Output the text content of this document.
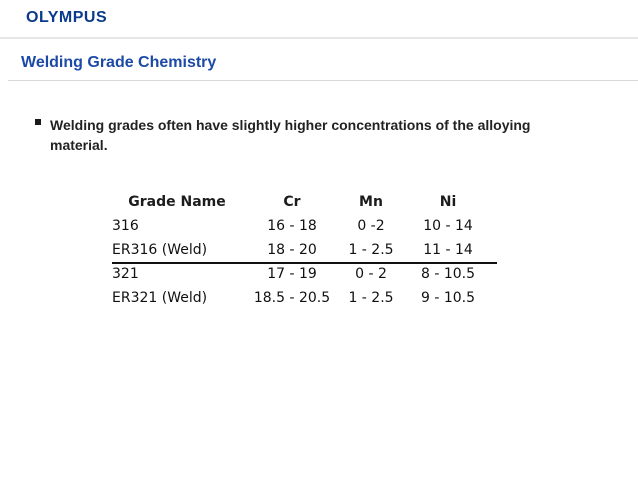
OLYMPUS
Welding Grade Chemistry
Welding grades often have slightly higher concentrations of the alloying material.
Grade Name	Cr	Mn	Ni
316	16 - 18	0 -2	10 - 14
ER316 (Weld)	18 - 20	1 - 2.5	11 - 14
321	17 - 19	0 - 2	8 - 10.5
ER321 (Weld)	18.5 - 20.5	1 - 2.5	9 - 10.5
